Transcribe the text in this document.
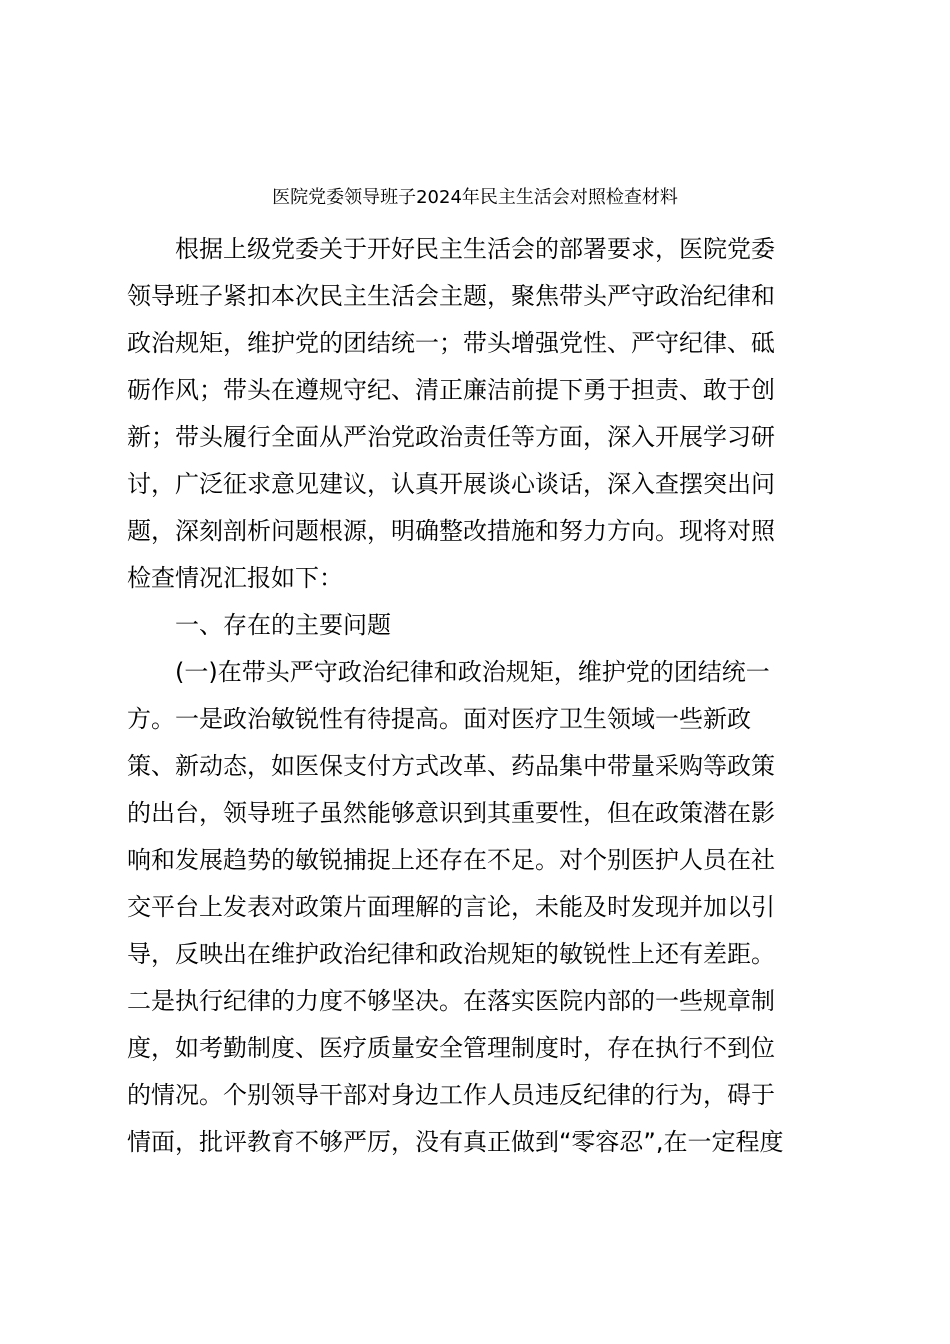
医院党委领导班子2024年民主生活会对照检查材料
根据上级党委关于开好民主生活会的部署要求，医院党委
领导班子紧扣本次民主生活会主题，聚焦带头严守政治纪律和
政治规矩，维护党的团结统一；带头增强党性、严守纪律、砥
砺作风；带头在遵规守纪、清正廉洁前提下勇于担责、敢于创
新；带头履行全面从严治党政治责任等方面，深入开展学习研
讨，广泛征求意见建议，认真开展谈心谈话，深入查摆突出问
题，深刻剖析问题根源，明确整改措施和努力方向。现将对照
检查情况汇报如下：
一、存在的主要问题
(一)在带头严守政治纪律和政治规矩，维护党的团结统一
方。一是政治敏锐性有待提高。面对医疗卫生领域一些新政
策、新动态，如医保支付方式改革、药品集中带量采购等政策
的出台，领导班子虽然能够意识到其重要性，但在政策潜在影
响和发展趋势的敏锐捕捉上还存在不足。对个别医护人员在社
交平台上发表对政策片面理解的言论，未能及时发现并加以引
导，反映出在维护政治纪律和政治规矩的敏锐性上还有差距。
二是执行纪律的力度不够坚决。在落实医院内部的一些规章制
度，如考勤制度、医疗质量安全管理制度时，存在执行不到位
的情况。个别领导干部对身边工作人员违反纪律的行为，碍于
情面，批评教育不够严厉，没有真正做到“零容忍”,在一定程度
